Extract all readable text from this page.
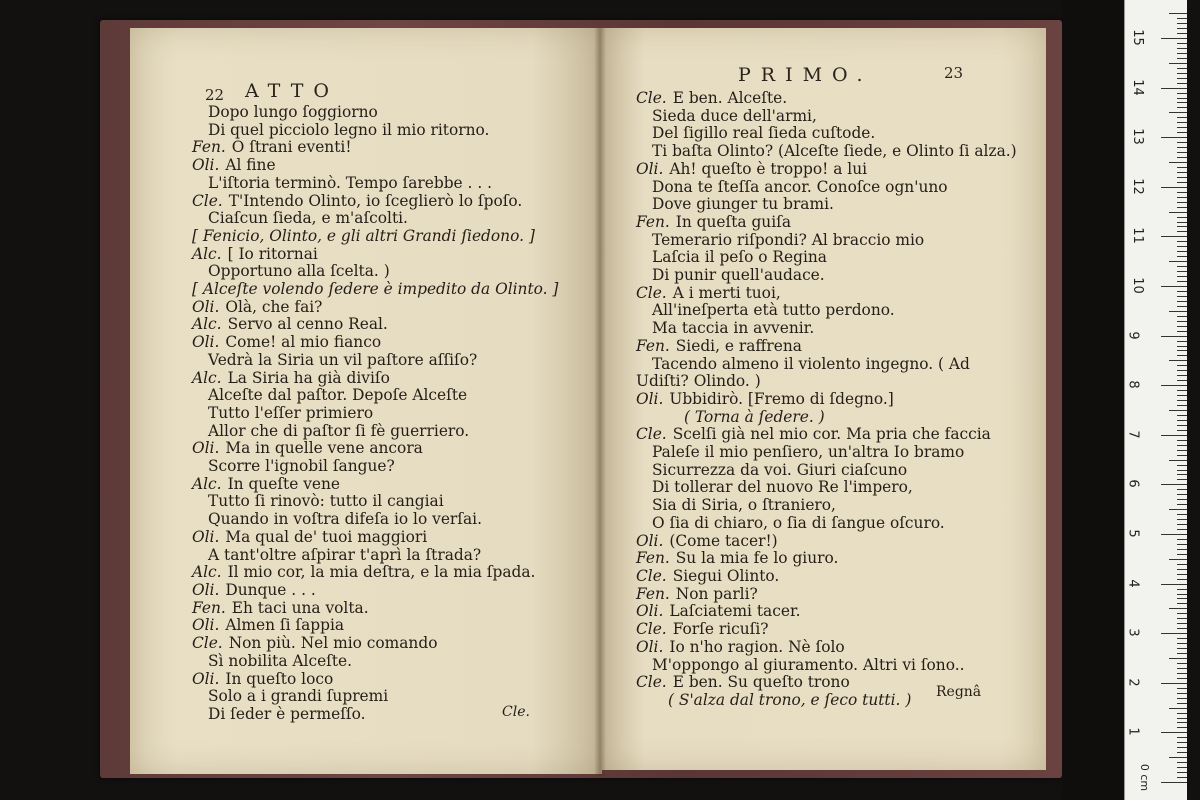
22 ATTO
PRIMO.	23
Dopo lungo ſoggiorno
Di quel picciolo legno il mio ritorno.
Fen. O ſtrani eventi!
Oli. Al fine
L'iſtoria terminò. Tempo ſarebbe . . .
Cle. T'Intendo Olinto, io ſceglierò lo ſpoſo.
Ciaſcun ſieda, e m'aſcolti.
[ Fenicio, Olinto, e gli altri Grandi ſiedono. ]
Alc. [ Io ritornai
Opportuno alla ſcelta. )
[ Alceſte volendo ſedere è impedito da Olinto. ]
Oli. Olà, che fai?
Alc. Servo al cenno Real.
Oli. Come! al mio fianco
Vedrà la Siria un vil paſtore aſſiſo?
Alc. La Siria ha già diviſo
Alceſte dal paſtor. Depoſe Alceſte
Tutto l'eſſer primiero
Allor che di paſtor ſi fè guerriero.
Oli. Ma in quelle vene ancora
Scorre l'ignobil ſangue?
Alc. In queſte vene
Tutto ſi rinovò: tutto il cangiai
Quando in voſtra difeſa io lo verſai.
Oli. Ma qual de' tuoi maggiori
A tant'oltre aſpirar t'aprì la ſtrada?
Alc. Il mio cor, la mia deſtra, e la mia ſpada.
Oli. Dunque . . .
Fen. Eh taci una volta.
Oli. Almen ſi ſappia
Cle. Non più. Nel mio comando
Sì nobilita Alceſte.
Oli. In queſto loco
Solo a i grandi ſupremi
Di ſeder è permeſſo.
Cle. E ben. Alceſte.
Sieda duce dell'armi,
Del ſigillo real ſieda cuſtode.
Ti baſta Olinto? (Alceſte ſiede, e Olinto ſi alza.)
Oli. Ah! queſto è troppo! a lui
Dona te ſteſſa ancor. Conoſce ogn'uno
Dove giunger tu brami.
Fen. In queſta guiſa
Temerario riſpondi? Al braccio mio
Laſcia il peſo o Regina
Di punir quell'audace.
Cle. A i merti tuoi,
All'ineſperta età tutto perdono.
Ma taccia in avvenir.
Fen. Siedi, e raffrena
Tacendo almeno il violento ingegno. ( Ad
Udiſti? Olindo. )
Oli. Ubbidirò. [Fremo di ſdegno.]
( Torna à ſedere. )
Cle. Scelſi già nel mio cor. Ma pria che faccia
Paleſe il mio penſiero, un'altra Io bramo
Sicurrezza da voi. Giuri ciaſcuno
Di tollerar del nuovo Re l'impero,
Sia di Siria, o ſtraniero,
O ſia di chiaro, o ſia di ſangue oſcuro.
Oli. (Come tacer!)
Fen. Su la mia fe lo giuro.
Cle. Siegui Olinto.
Fen. Non parli?
Oli. Laſciatemi tacer.
Cle. Forſe ricuſi?
Oli. Io n'ho ragion. Nè ſolo
M'oppongo al giuramento. Altri vi ſono..
Cle. E ben. Su queſto trono
( S'alza dal trono, e ſeco tutti. )
Cle.
Regnâ
0 cm
1
2
3
4
5
6
7
8
9
10
11
12
13
14
15
